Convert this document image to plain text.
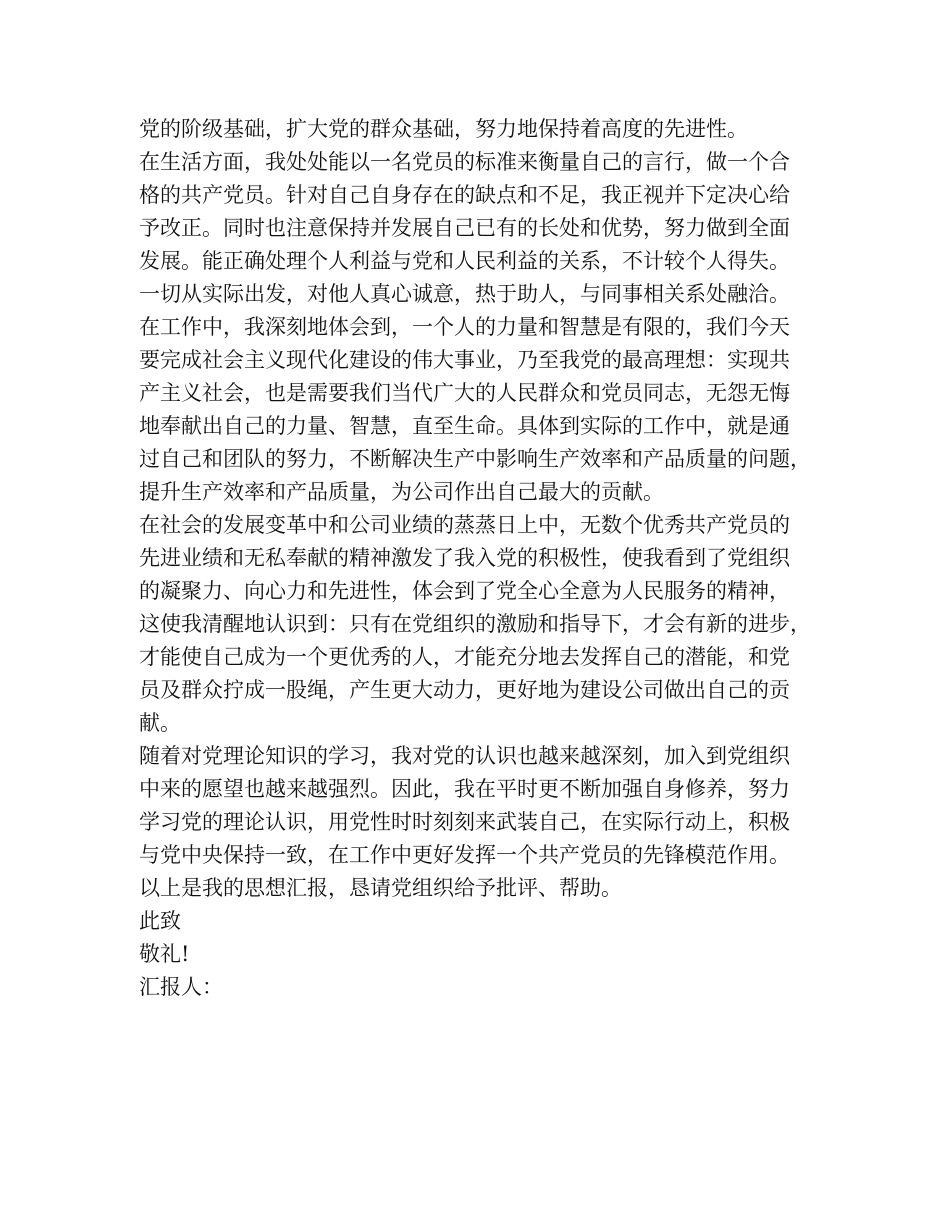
党的阶级基础，扩大党的群众基础，努力地保持着高度的先进性。
在生活方面，我处处能以一名党员的标准来衡量自己的言行，做一个合
格的共产党员。针对自己自身存在的缺点和不足，我正视并下定决心给
予改正。同时也注意保持并发展自己已有的长处和优势，努力做到全面
发展。能正确处理个人利益与党和人民利益的关系，不计较个人得失。
一切从实际出发，对他人真心诚意，热于助人，与同事相关系处融洽。
在工作中，我深刻地体会到，一个人的力量和智慧是有限的，我们今天
要完成社会主义现代化建设的伟大事业，乃至我党的最高理想：实现共
产主义社会，也是需要我们当代广大的人民群众和党员同志，无怨无悔
地奉献出自己的力量、智慧，直至生命。具体到实际的工作中，就是通
过自己和团队的努力，不断解决生产中影响生产效率和产品质量的问题，
提升生产效率和产品质量，为公司作出自己最大的贡献。
在社会的发展变革中和公司业绩的蒸蒸日上中，无数个优秀共产党员的
先进业绩和无私奉献的精神激发了我入党的积极性，使我看到了党组织
的凝聚力、向心力和先进性，体会到了党全心全意为人民服务的精神，
这使我清醒地认识到：只有在党组织的激励和指导下，才会有新的进步，
才能使自己成为一个更优秀的人，才能充分地去发挥自己的潜能，和党
员及群众拧成一股绳，产生更大动力，更好地为建设公司做出自己的贡
献。
随着对党理论知识的学习，我对党的认识也越来越深刻，加入到党组织
中来的愿望也越来越强烈。因此，我在平时更不断加强自身修养，努力
学习党的理论认识，用党性时时刻刻来武装自己，在实际行动上，积极
与党中央保持一致，在工作中更好发挥一个共产党员的先锋模范作用。
以上是我的思想汇报，恳请党组织给予批评、帮助。
此致
敬礼!
汇报人：
